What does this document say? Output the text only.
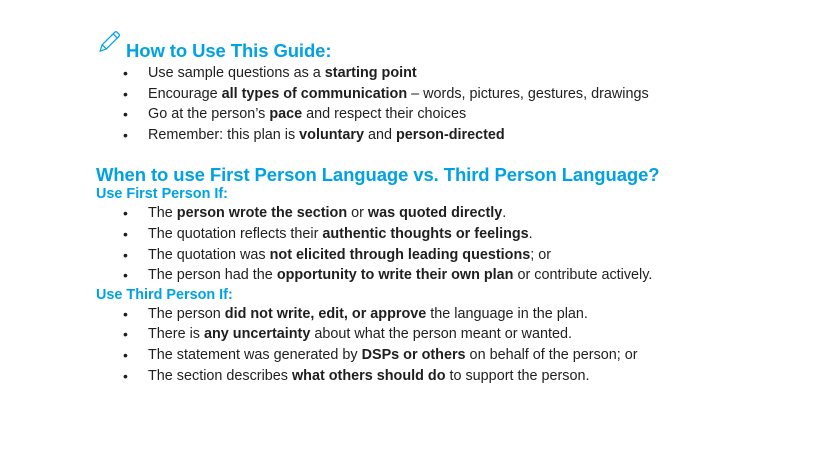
How to Use This Guide:
• Use sample questions as a starting point
• Encourage all types of communication – words, pictures, gestures, drawings
• Go at the person’s pace and respect their choices
• Remember: this plan is voluntary and person-directed
When to use First Person Language vs. Third Person Language?
Use First Person If:
• The person wrote the section or was quoted directly.
• The quotation reflects their authentic thoughts or feelings.
• The quotation was not elicited through leading questions; or
• The person had the opportunity to write their own plan or contribute actively.
Use Third Person If:
• The person did not write, edit, or approve the language in the plan.
• There is any uncertainty about what the person meant or wanted.
• The statement was generated by DSPs or others on behalf of the person; or
• The section describes what others should do to support the person.
